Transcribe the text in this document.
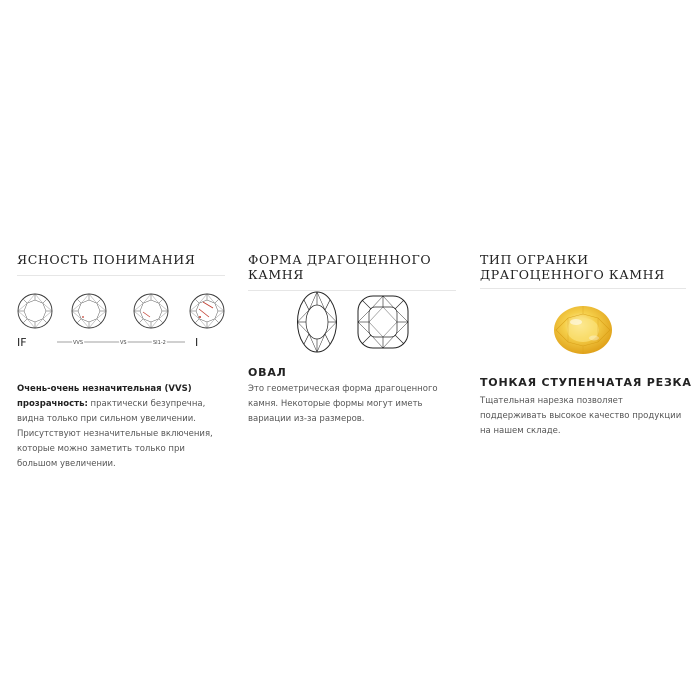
ЯСНОСТЬ ПОНИМАНИЯ
IF	VVS	VS	SI1-2	I
Очень-очень незначительная (VVS) прозрачность: практически безупречна, видна только при сильном увеличении. Присутствуют незначительные включения, которые можно заметить только при большом увеличении.
ФОРМА ДРАГОЦЕННОГО КАМНЯ
ОВАЛ

Это геометрическая форма драгоценного камня. Некоторые формы могут иметь вариации из-за размеров.

ТИП ОГРАНКИ ДРАГОЦЕННОГО КАМНЯ
ТОНКАЯ СТУПЕНЧАТАЯ РЕЗКА

Тщательная нарезка позволяет поддерживать высокое качество продукции на нашем складе.
